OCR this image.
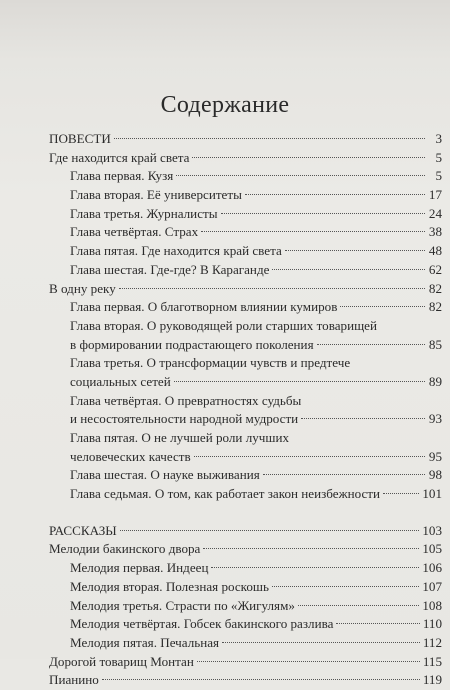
Содержание
ПОВЕСТИ	3
Где находится край света	5
Глава первая. Кузя	5
Глава вторая. Её университеты	17
Глава третья. Журналисты	24
Глава четвёртая. Страх	38
Глава пятая. Где находится край света	48
Глава шестая. Где-где? В Караганде	62
В одну реку	82
Глава первая. О благотворном влиянии кумиров	82
Глава вторая. О руководящей роли старших товарищей
в формировании подрастающего поколения	85
Глава третья. О трансформации чувств и предтече
социальных сетей	89
Глава четвёртая. О превратностях судьбы
и несостоятельности народной мудрости	93
Глава пятая. О не лучшей роли лучших
человеческих качеств	95
Глава шестая. О науке выживания	98
Глава седьмая. О том, как работает закон неизбежности	101
РАССКАЗЫ	103
Мелодии бакинского двора	105
Мелодия первая. Индеец	106
Мелодия вторая. Полезная роскошь	107
Мелодия третья. Страсти по «Жигулям»	108
Мелодия четвёртая. Гобсек бакинского разлива	110
Мелодия пятая. Печальная	112
Дорогой товарищ Монтан	115
Пианино	119
